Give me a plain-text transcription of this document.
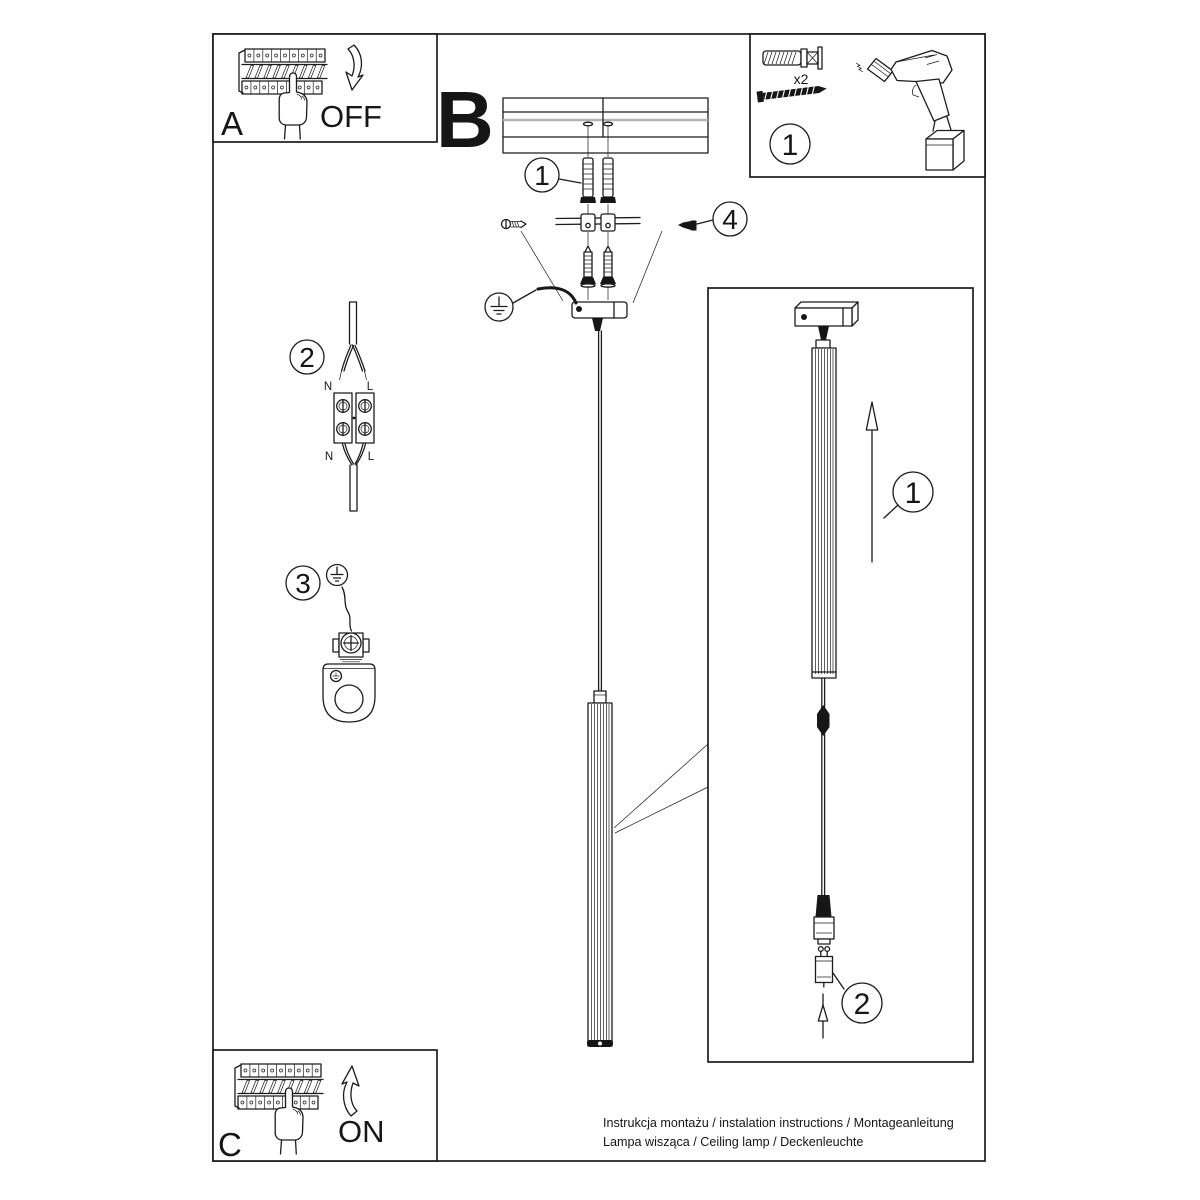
OFF
A
x2
1
B
1
4
2
N	L
N	L
3
2
1
ON
C
Instrukcja montażu / instalation instructions / Montageanleitung
Lampa wisząca / Ceiling lamp / Deckenleuchte
